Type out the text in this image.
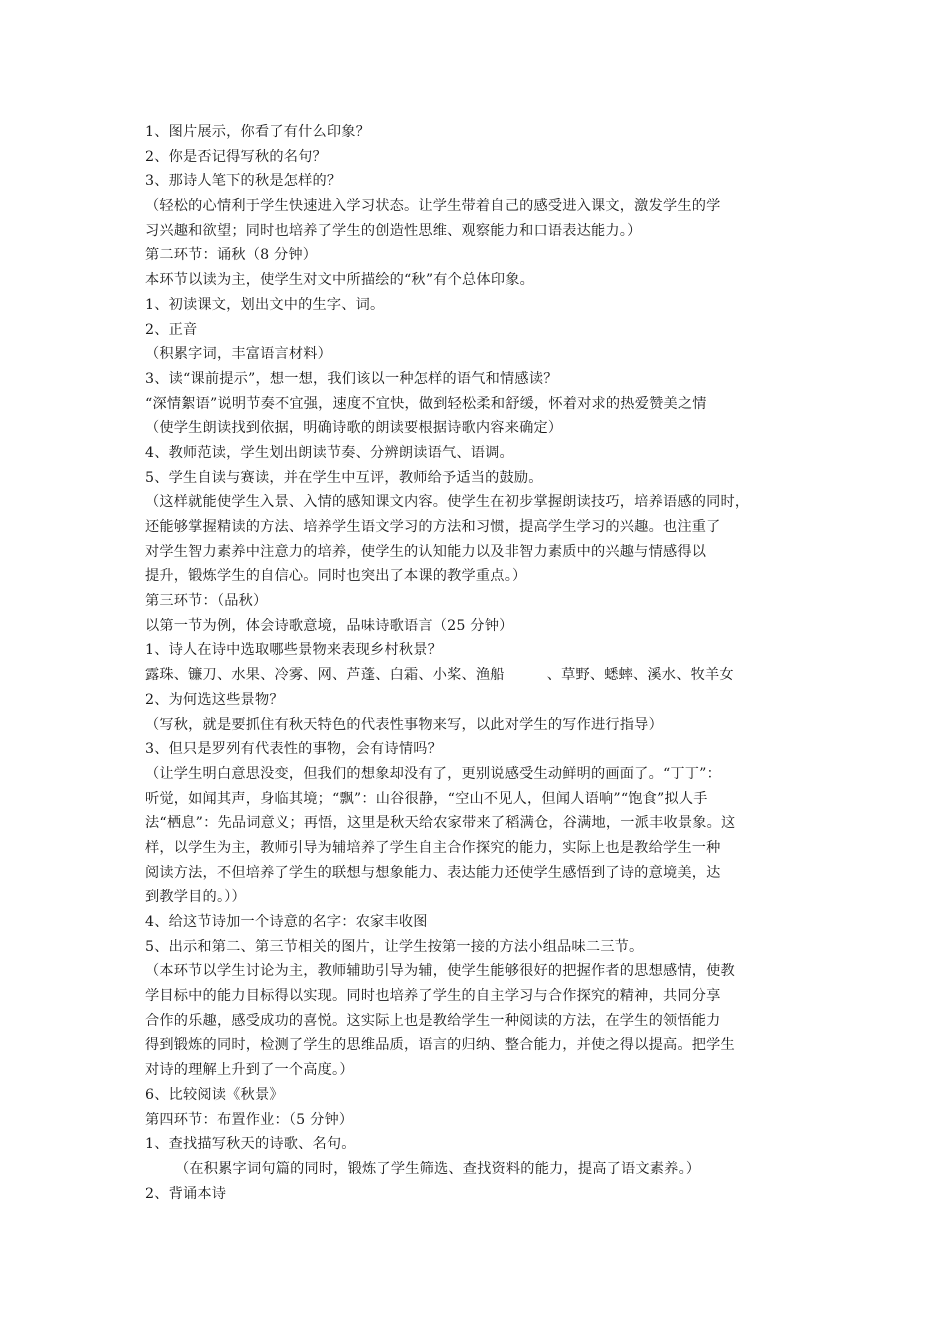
1、图片展示，你看了有什么印象？
2、你是否记得写秋的名句？
3、那诗人笔下的秋是怎样的？
（轻松的心情利于学生快速进入学习状态。让学生带着自己的感受进入课文，激发学生的学
习兴趣和欲望；同时也培养了学生的创造性思维、观察能力和口语表达能力。）
第二环节：诵秋（8 分钟）
本环节以读为主，使学生对文中所描绘的“秋”有个总体印象。
1、初读课文，划出文中的生字、词。
2、正音
（积累字词，丰富语言材料）
3、读“课前提示”，想一想，我们该以一种怎样的语气和情感读？
“深情絮语”说明节奏不宜强，速度不宜快，做到轻松柔和舒缓，怀着对求的热爱赞美之情
（使学生朗读找到依据，明确诗歌的朗读要根据诗歌内容来确定）
4、教师范读，学生划出朗读节奏、分辨朗读语气、语调。
5、学生自读与赛读，并在学生中互评，教师给予适当的鼓励。
（这样就能使学生入景、入情的感知课文内容。使学生在初步掌握朗读技巧，培养语感的同时，
还能够掌握精读的方法、培养学生语文学习的方法和习惯，提高学生学习的兴趣。也注重了
对学生智力素养中注意力的培养，使学生的认知能力以及非智力素质中的兴趣与情感得以
提升，锻炼学生的自信心。同时也突出了本课的教学重点。）
第三环节：（品秋）
以第一节为例，体会诗歌意境，品味诗歌语言（25 分钟）
1、诗人在诗中选取哪些景物来表现乡村秋景？
露珠、镰刀、水果、冷雾、网、芦蓬、白霜、小桨、渔船	、草野、蟋蟀、溪水、牧羊女
2、为何选这些景物？
（写秋，就是要抓住有秋天特色的代表性事物来写，以此对学生的写作进行指导）
3、但只是罗列有代表性的事物，会有诗情吗？
（让学生明白意思没变，但我们的想象却没有了，更别说感受生动鲜明的画面了。“丁丁”：
听觉，如闻其声，身临其境；“飘”：山谷很静，“空山不见人，但闻人语响”“饱食”拟人手
法“栖息”：先品词意义；再悟，这里是秋天给农家带来了稻满仓，谷满地，一派丰收景象。这
样，以学生为主，教师引导为辅培养了学生自主合作探究的能力，实际上也是教给学生一种
阅读方法，不但培养了学生的联想与想象能力、表达能力还使学生感悟到了诗的意境美，达
到教学目的。））
4、给这节诗加一个诗意的名字：农家丰收图
5、出示和第二、第三节相关的图片，让学生按第一接的方法小组品味二三节。
（本环节以学生讨论为主，教师辅助引导为辅，使学生能够很好的把握作者的思想感情，使教
学目标中的能力目标得以实现。同时也培养了学生的自主学习与合作探究的精神，共同分享
合作的乐趣，感受成功的喜悦。这实际上也是教给学生一种阅读的方法，在学生的领悟能力
得到锻炼的同时，检测了学生的思维品质，语言的归纳、整合能力，并使之得以提高。把学生
对诗的理解上升到了一个高度。）
6、比较阅读《秋景》
第四环节：布置作业：（5 分钟）
1、查找描写秋天的诗歌、名句。
（在积累字词句篇的同时，锻炼了学生筛选、查找资料的能力，提高了语文素养。）
2、背诵本诗
